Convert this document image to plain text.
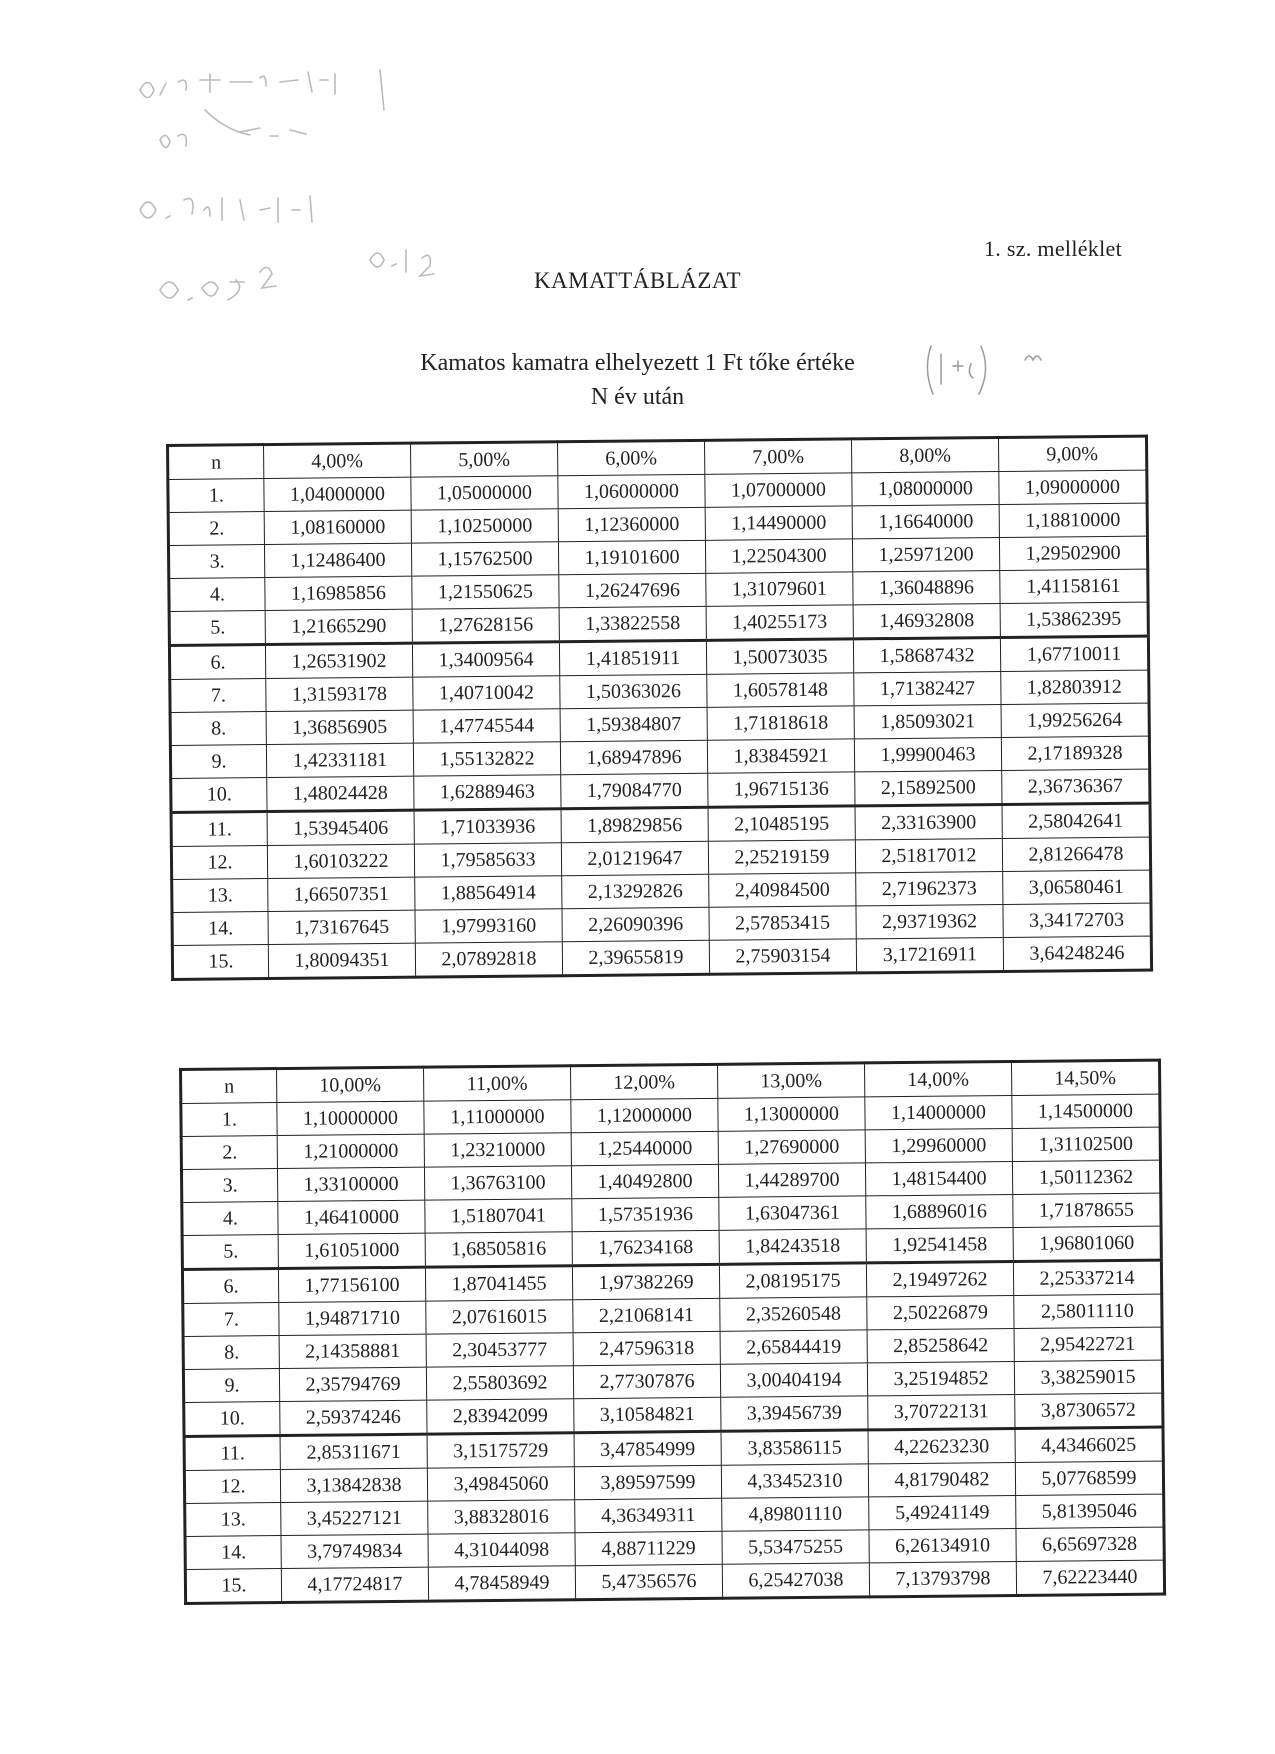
1. sz. melléklet
KAMATTÁBLÁZAT
Kamatos kamatra elhelyezett 1 Ft tőke értéke
N év után
n	4,00%	5,00%	6,00%	7,00%	8,00%	9,00%
1.	1,04000000	1,05000000	1,06000000	1,07000000	1,08000000	1,09000000
2.	1,08160000	1,10250000	1,12360000	1,14490000	1,16640000	1,18810000
3.	1,12486400	1,15762500	1,19101600	1,22504300	1,25971200	1,29502900
4.	1,16985856	1,21550625	1,26247696	1,31079601	1,36048896	1,41158161
5.	1,21665290	1,27628156	1,33822558	1,40255173	1,46932808	1,53862395
6.	1,26531902	1,34009564	1,41851911	1,50073035	1,58687432	1,67710011
7.	1,31593178	1,40710042	1,50363026	1,60578148	1,71382427	1,82803912
8.	1,36856905	1,47745544	1,59384807	1,71818618	1,85093021	1,99256264
9.	1,42331181	1,55132822	1,68947896	1,83845921	1,99900463	2,17189328
10.	1,48024428	1,62889463	1,79084770	1,96715136	2,15892500	2,36736367
11.	1,53945406	1,71033936	1,89829856	2,10485195	2,33163900	2,58042641
12.	1,60103222	1,79585633	2,01219647	2,25219159	2,51817012	2,81266478
13.	1,66507351	1,88564914	2,13292826	2,40984500	2,71962373	3,06580461
14.	1,73167645	1,97993160	2,26090396	2,57853415	2,93719362	3,34172703
15.	1,80094351	2,07892818	2,39655819	2,75903154	3,17216911	3,64248246
n	10,00%	11,00%	12,00%	13,00%	14,00%	14,50%
1.	1,10000000	1,11000000	1,12000000	1,13000000	1,14000000	1,14500000
2.	1,21000000	1,23210000	1,25440000	1,27690000	1,29960000	1,31102500
3.	1,33100000	1,36763100	1,40492800	1,44289700	1,48154400	1,50112362
4.	1,46410000	1,51807041	1,57351936	1,63047361	1,68896016	1,71878655
5.	1,61051000	1,68505816	1,76234168	1,84243518	1,92541458	1,96801060
6.	1,77156100	1,87041455	1,97382269	2,08195175	2,19497262	2,25337214
7.	1,94871710	2,07616015	2,21068141	2,35260548	2,50226879	2,58011110
8.	2,14358881	2,30453777	2,47596318	2,65844419	2,85258642	2,95422721
9.	2,35794769	2,55803692	2,77307876	3,00404194	3,25194852	3,38259015
10.	2,59374246	2,83942099	3,10584821	3,39456739	3,70722131	3,87306572
11.	2,85311671	3,15175729	3,47854999	3,83586115	4,22623230	4,43466025
12.	3,13842838	3,49845060	3,89597599	4,33452310	4,81790482	5,07768599
13.	3,45227121	3,88328016	4,36349311	4,89801110	5,49241149	5,81395046
14.	3,79749834	4,31044098	4,88711229	5,53475255	6,26134910	6,65697328
15.	4,17724817	4,78458949	5,47356576	6,25427038	7,13793798	7,62223440
